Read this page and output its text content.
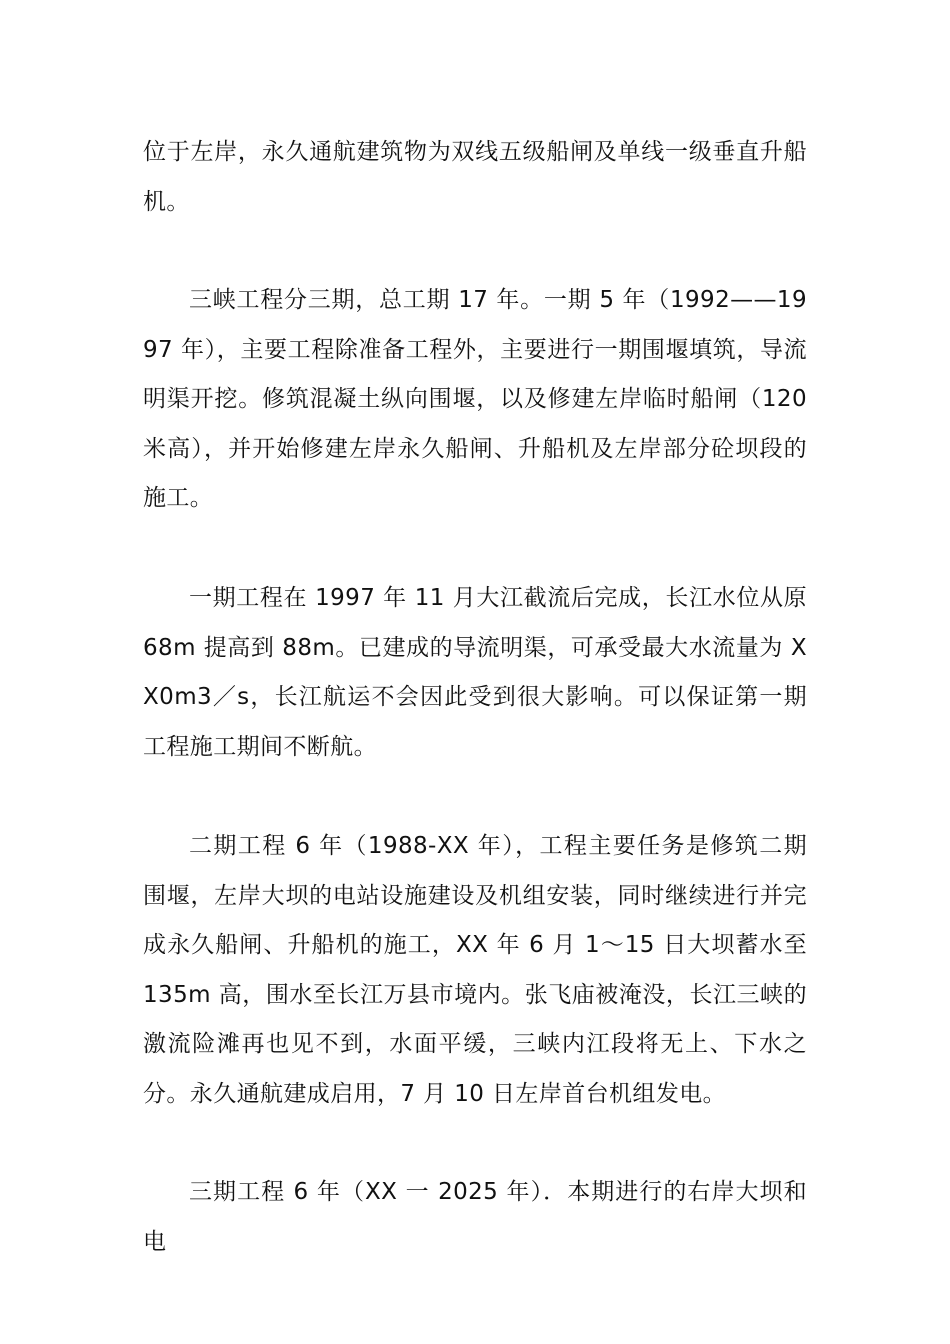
位于左岸，永久通航建筑物为双线五级船闸及单线一级垂直升船机。

三峡工程分三期，总工期 17 年。一期 5 年（1992——1997 年），主要工程除准备工程外，主要进行一期围堰填筑，导流明渠开挖。修筑混凝土纵向围堰，以及修建左岸临时船闸（120 米高），并开始修建左岸永久船闸、升船机及左岸部分砼坝段的施工。

一期工程在 1997 年 11 月大江截流后完成，长江水位从原 68m 提高到 88m。已建成的导流明渠，可承受最大水流量为 XX0m3／s，长江航运不会因此受到很大影响。可以保证第一期工程施工期间不断航。

二期工程 6 年（1988-XX 年），工程主要任务是修筑二期围堰，左岸大坝的电站设施建设及机组安装，同时继续进行并完成永久船闸、升船机的施工，XX 年 6 月 1～15 日大坝蓄水至 135m 高，围水至长江万县市境内。张飞庙被淹没，长江三峡的激流险滩再也见不到，水面平缓，三峡内江段将无上、下水之分。永久通航建成启用，7 月 10 日左岸首台机组发电。

三期工程 6 年（XX 一 2025 年）．本期进行的右岸大坝和电
